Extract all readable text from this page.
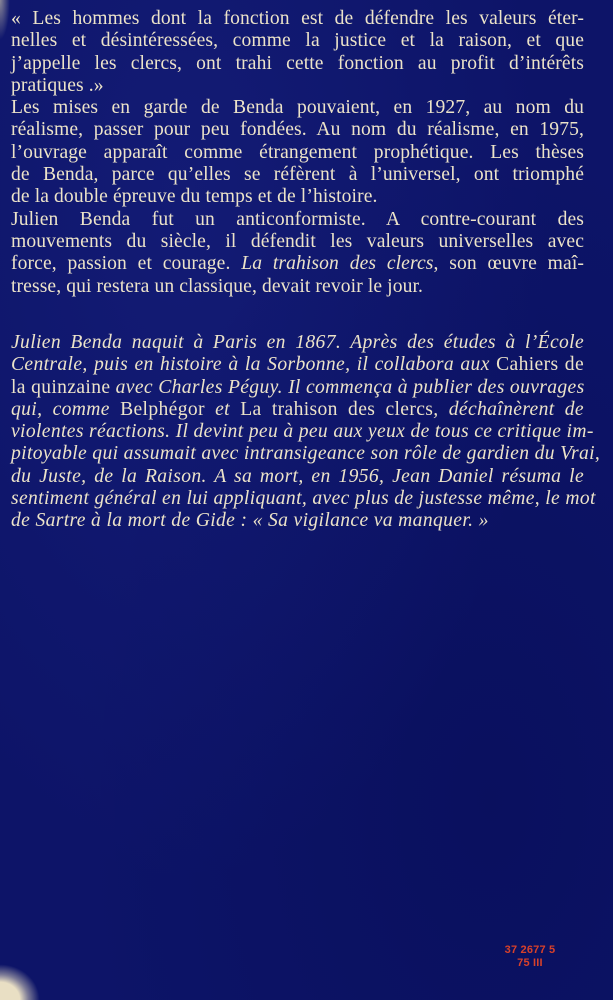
« Les hommes dont la fonction est de défendre les valeurs éter-
nelles et désintéressées, comme la justice et la raison, et que
j’appelle les clercs, ont trahi cette fonction au profit d’intérêts
pratiques .»

Les mises en garde de Benda pouvaient, en 1927, au nom du
réalisme, passer pour peu fondées. Au nom du réalisme, en 1975,
l’ouvrage apparaît comme étrangement prophétique. Les thèses
de Benda, parce qu’elles se réfèrent à l’universel, ont triomphé
de la double épreuve du temps et de l’histoire.

Julien Benda fut un anticonformiste. A contre-courant des
mouvements du siècle, il défendit les valeurs universelles avec
force, passion et courage. La trahison des clercs, son œuvre maî-
tresse, qui restera un classique, devait revoir le jour.

Julien Benda naquit à Paris en 1867. Après des études à l’École
Centrale, puis en histoire à la Sorbonne, il collabora aux Cahiers de
la quinzaine avec Charles Péguy. Il commença à publier des ouvrages
qui, comme Belphégor et La trahison des clercs, déchaînèrent de
violentes réactions. Il devint peu à peu aux yeux de tous ce critique im-
pitoyable qui assumait avec intransigeance son rôle de gardien du Vrai,
du Juste, de la Raison. A sa mort, en 1956, Jean Daniel résuma le
sentiment général en lui appliquant, avec plus de justesse même, le mot
de Sartre à la mort de Gide : « Sa vigilance va manquer. »

37 2677 5
75 III
